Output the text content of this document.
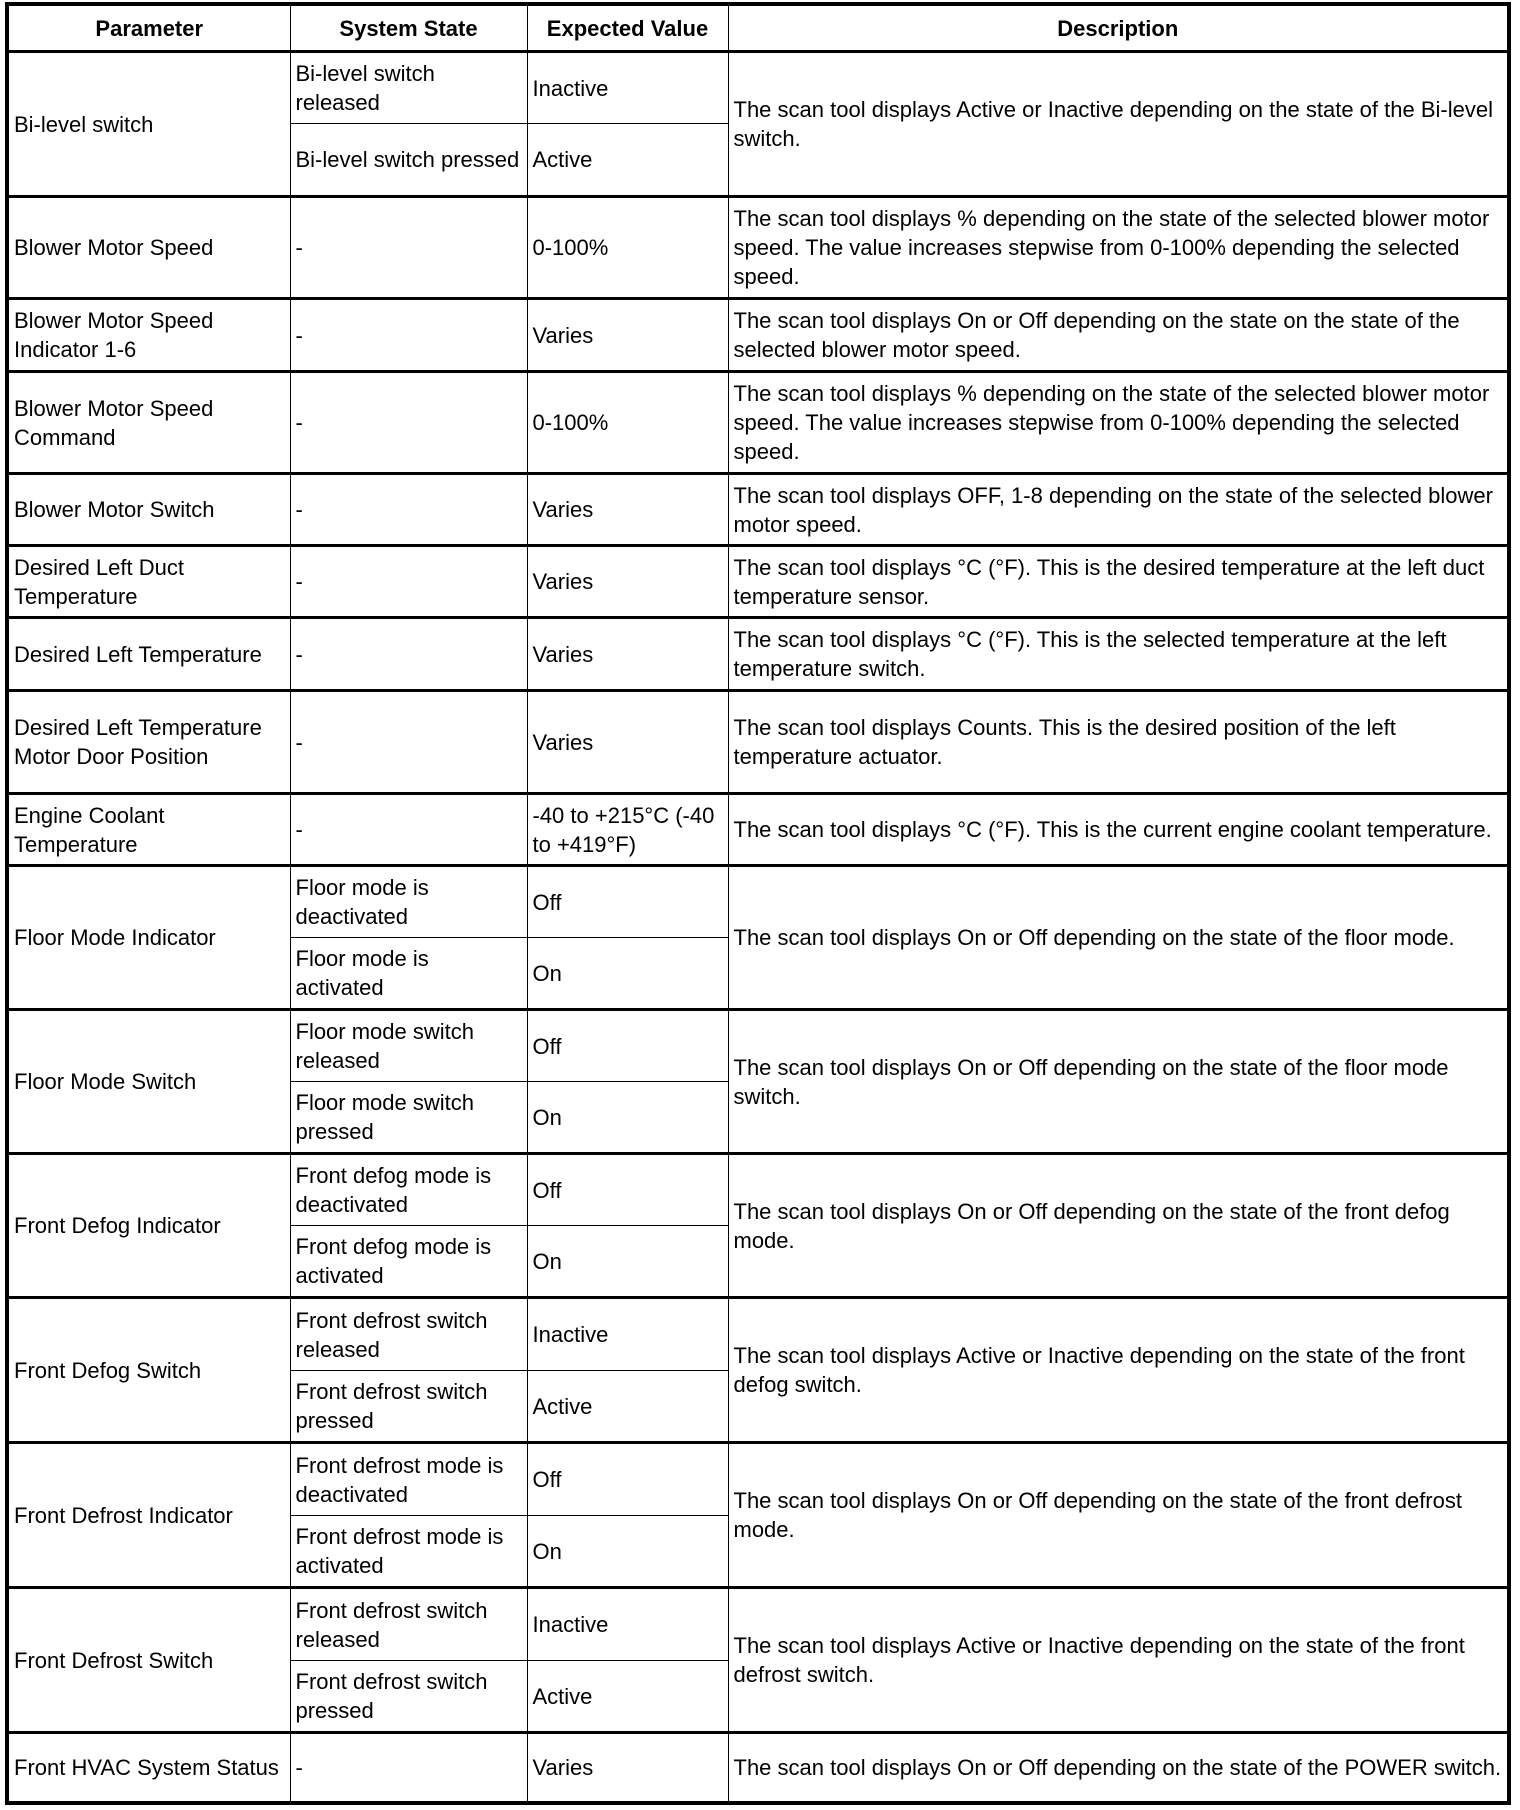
Parameter	System State	Expected Value	Description
Bi-level switch	Bi-level switch released	Inactive	The scan tool displays Active or Inactive depending on the state of the Bi-level switch.
	Bi-level switch pressed	Active	
Blower Motor Speed	-	0-100%	The scan tool displays % depending on the state of the selected blower motor speed. The value increases stepwise from 0-100% depending the selected speed.
Blower Motor Speed Indicator 1-6	-	Varies	The scan tool displays On or Off depending on the state on the state of the selected blower motor speed.
Blower Motor Speed Command	-	0-100%	The scan tool displays % depending on the state of the selected blower motor speed. The value increases stepwise from 0-100% depending the selected speed.
Blower Motor Switch	-	Varies	The scan tool displays OFF, 1-8 depending on the state of the selected blower motor speed.
Desired Left Duct Temperature	-	Varies	The scan tool displays °C (°F). This is the desired temperature at the left duct temperature sensor.
Desired Left Temperature	-	Varies	The scan tool displays °C (°F). This is the selected temperature at the left temperature switch.
Desired Left Temperature Motor Door Position	-	Varies	The scan tool displays Counts. This is the desired position of the left temperature actuator.
Engine Coolant Temperature	-	-40 to +215°C (-40 to +419°F)	The scan tool displays °C (°F). This is the current engine coolant temperature.
Floor Mode Indicator	Floor mode is deactivated	Off	The scan tool displays On or Off depending on the state of the floor mode.
	Floor mode is activated	On	
Floor Mode Switch	Floor mode switch released	Off	The scan tool displays On or Off depending on the state of the floor mode switch.
	Floor mode switch pressed	On	
Front Defog Indicator	Front defog mode is deactivated	Off	The scan tool displays On or Off depending on the state of the front defog mode.
	Front defog mode is activated	On	
Front Defog Switch	Front defrost switch released	Inactive	The scan tool displays Active or Inactive depending on the state of the front defog switch.
	Front defrost switch pressed	Active	
Front Defrost Indicator	Front defrost mode is deactivated	Off	The scan tool displays On or Off depending on the state of the front defrost mode.
	Front defrost mode is activated	On	
Front Defrost Switch	Front defrost switch released	Inactive	The scan tool displays Active or Inactive depending on the state of the front defrost switch.
	Front defrost switch pressed	Active	
Front HVAC System Status	-	Varies	The scan tool displays On or Off depending on the state of the POWER switch.
